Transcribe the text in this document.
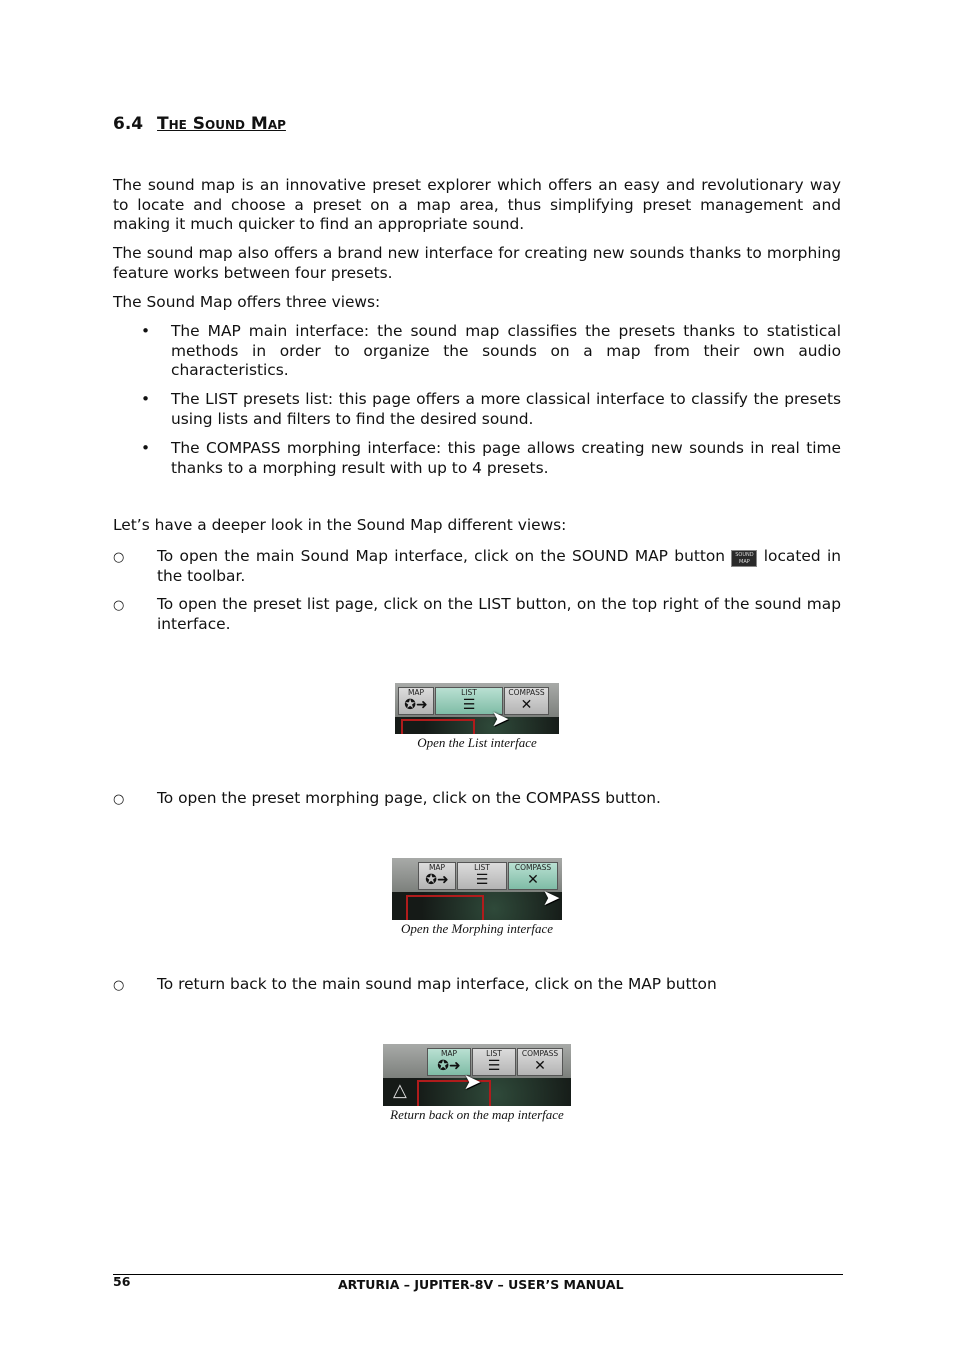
6.4 The Sound Map

The sound map is an innovative preset explorer which offers an easy and revolutionary way to locate and choose a preset on a map area, thus simplifying preset management and making it much quicker to find an appropriate sound.

The sound map also offers a brand new interface for creating new sounds thanks to morphing feature works between four presets.

The Sound Map offers three views:

• The MAP main interface: the sound map classifies the presets thanks to statistical methods in order to organize the sounds on a map from their own audio characteristics.
• The LIST presets list: this page offers a more classical interface to classify the presets using lists and filters to find the desired sound.
• The COMPASS morphing interface: this page allows creating new sounds in real time thanks to a morphing result with up to 4 presets.

Let’s have a deeper look in the Sound Map different views:

○ To open the main Sound Map interface, click on the SOUND MAP button SOUND
MAP located in the toolbar.
○ To open the preset list page, click on the LIST button, on the top right of the sound map interface.
MAP
✪➜
LIST
☰
COMPASS
✕
➤
Open the List interface
○ To open the preset morphing page, click on the COMPASS button.
MAP
✪➜
LIST
☰
COMPASS
✕
➤
Open the Morphing interface
○ To return back to the main sound map interface, click on the MAP button
MAP
✪➜
LIST
☰
COMPASS
✕
△	➤
Return back on the map interface
56	ARTURIA – JUPITER-8V – USER’S MANUAL
